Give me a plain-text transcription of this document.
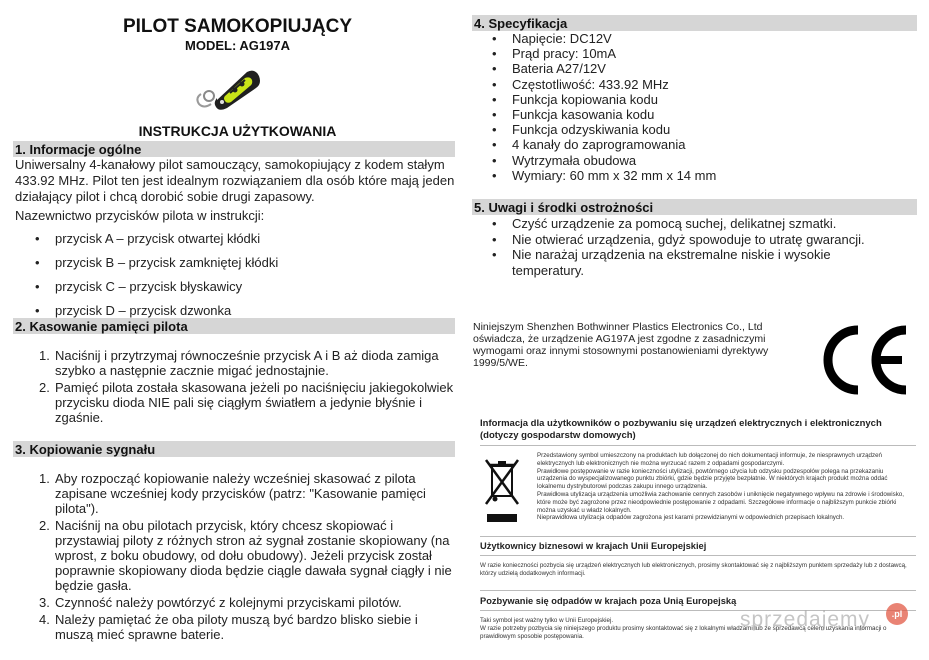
PILOT SAMOKOPIUJĄCY
MODEL: AG197A
INSTRUKCJA UŻYTKOWANIA
1. Informacje ogólne
Uniwersalny 4-kanałowy pilot samouczący, samokopiujący z kodem stałym 433.92 MHz. Pilot ten jest idealnym rozwiązaniem dla osób które mają jeden działający pilot i chcą dorobić sobie drugi zapasowy.
Nazewnictwo przycisków pilota w instrukcji:
• przycisk A – przycisk otwartej kłódki
• przycisk B – przycisk zamkniętej kłódki
• przycisk C – przycisk błyskawicy
• przycisk D – przycisk dzwonka
2. Kasowanie pamięci pilota
1. Naciśnij i przytrzymaj równocześnie przycisk A i B aż dioda zamiga szybko a następnie zacznie migać jednostajnie.
2. Pamięć pilota została skasowana jeżeli po naciśnięciu jakiegokolwiek przycisku dioda NIE pali się ciągłym światłem a jedynie błyśnie i zgaśnie.
3. Kopiowanie sygnału
1. Aby rozpocząć kopiowanie należy wcześniej skasować z pilota zapisane wcześniej kody przycisków (patrz: "Kasowanie pamięci pilota").
2. Naciśnij na obu pilotach przycisk, który chcesz skopiować i przystawiaj piloty z różnych stron aż sygnał zostanie skopiowany (na wprost, z boku obudowy, od dołu obudowy). Jeżeli przycisk został poprawnie skopiowany dioda będzie ciągle dawała sygnał ciągły i nie będzie gasła.
3. Czynność należy powtórzyć z kolejnymi przyciskami pilotów.
4. Należy pamiętać że oba piloty muszą być bardzo blisko siebie i muszą mieć sprawne baterie.
4. Specyfikacja
• Napięcie: DC12V
• Prąd pracy: 10mA
• Bateria A27/12V
• Częstotliwość: 433.92 MHz
• Funkcja kopiowania kodu
• Funkcja kasowania kodu
• Funkcja odzyskiwania kodu
• 4 kanały do zaprogramowania
• Wytrzymała obudowa
• Wymiary: 60 mm x 32 mm x 14 mm
5. Uwagi i środki ostrożności
• Czyść urządzenie za pomocą suchej, delikatnej szmatki.
• Nie otwierać urządzenia, gdyż spowoduje to utratę gwarancji.
• Nie narażaj urządzenia na ekstremalne niskie i wysokie temperatury.
Niniejszym Shenzhen Bothwinner Plastics Electronics Co., Ltd oświadcza, że urządzenie AG197A jest zgodne z zasadniczymi wymogami oraz innymi stosownymi postanowieniami dyrektywy 1999/5/WE.
Informacja dla użytkowników o pozbywaniu się urządzeń elektrycznych i elektronicznych (dotyczy gospodarstw domowych)
Przedstawiony symbol umieszczony na produktach lub dołączonej do nich dokumentacji informuje, że niesprawnych urządzeń elektrycznych lub elektronicznych nie można wyrzucać razem z odpadami gospodarczymi.
Prawidłowe postępowanie w razie konieczności utylizacji, powtórnego użycia lub odzysku podzespołów polega na przekazaniu urządzenia do wyspecjalizowanego punktu zbiórki, gdzie będzie przyjęte bezpłatnie. W niektórych krajach produkt można oddać lokalnemu dystrybutorowi podczas zakupu innego urządzenia.
Prawidłowa utylizacja urządzenia umożliwia zachowanie cennych zasobów i uniknięcie negatywnego wpływu na zdrowie i środowisko, które może być zagrożone przez nieodpowiednie postępowanie z odpadami. Szczegółowe informacje o najbliższym punkcie zbiórki można uzyskać u władz lokalnych.
Nieprawidłowa utylizacja odpadów zagrożona jest karami przewidzianymi w odpowiednich przepisach lokalnych.
Użytkownicy biznesowi w krajach Unii Europejskiej
W razie konieczności pozbycia się urządzeń elektrycznych lub elektronicznych, prosimy skontaktować się z najbliższym punktem sprzedaży lub z dostawcą, którzy udzielą dodatkowych informacji.
Pozbywanie się odpadów w krajach poza Unią Europejską
Taki symbol jest ważny tylko w Unii Europejskiej.
W razie potrzeby pozbycia się niniejszego produktu prosimy skontaktować się z lokalnymi władzami lub ze sprzedawcą celem uzyskania informacji o prawidłowym sposobie postępowania.
sprzedajemy	.pl
